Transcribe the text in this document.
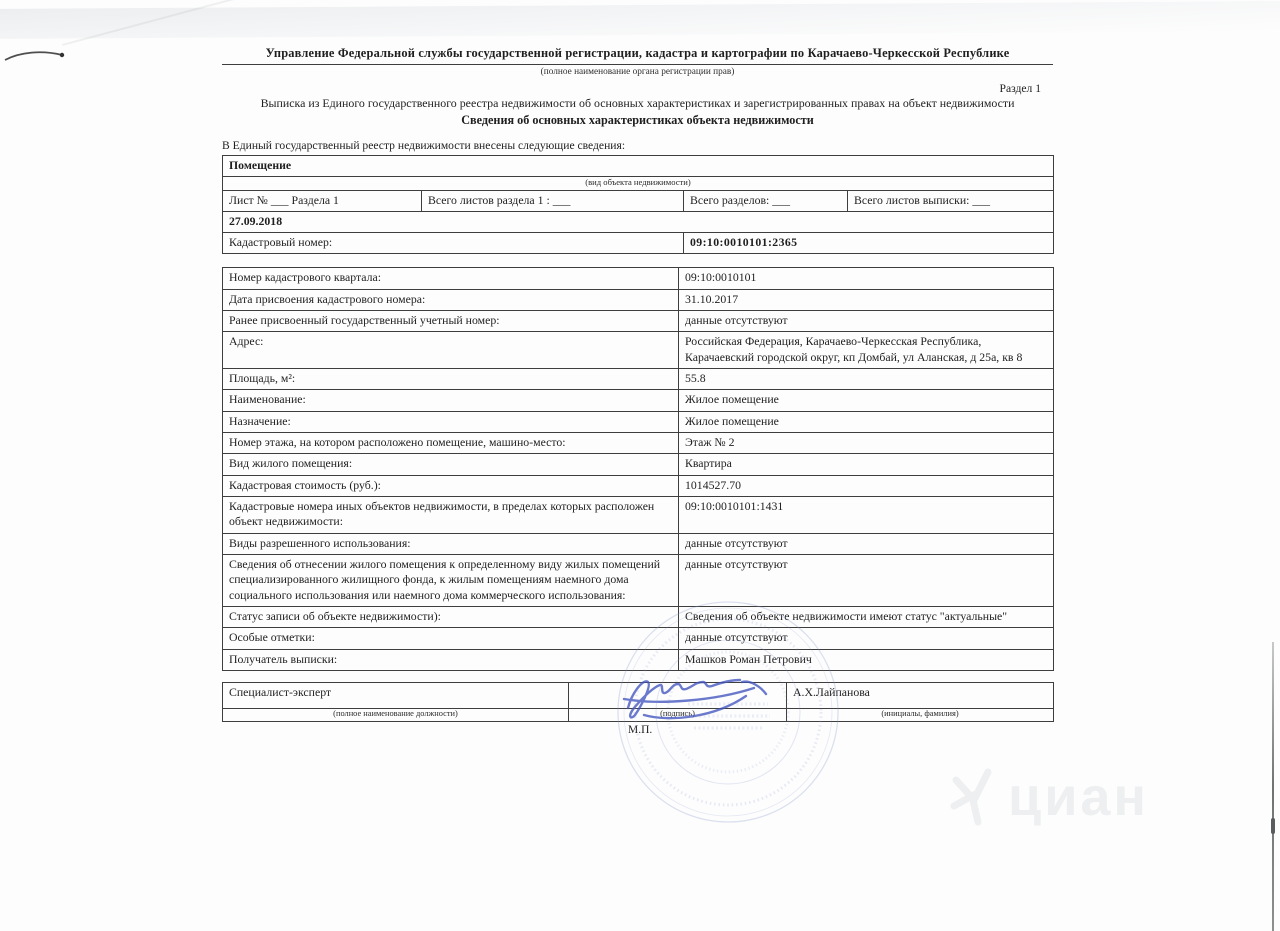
Управление Федеральной службы государственной регистрации, кадастра и картографии по Карачаево-Черкесской Республике
(полное наименование органа регистрации прав)
Раздел 1
Выписка из Единого государственного реестра недвижимости об основных характеристиках и зарегистрированных правах на объект недвижимости
Сведения об основных характеристиках объекта недвижимости
В Единый государственный реестр недвижимости внесены следующие сведения:
Помещение			
(вид объекта недвижимости)			
Лист № ___ Раздела 1	Всего листов раздела 1 : ___	Всего разделов: ___	Всего листов выписки: ___
27.09.2018			
Кадастровый номер:		09:10:0010101:2365	
Номер кадастрового квартала:	09:10:0010101
Дата присвоения кадастрового номера:	31.10.2017
Ранее присвоенный государственный учетный номер:	данные отсутствуют
Адрес:	Российская Федерация, Карачаево-Черкесская Республика, Карачаевский городской округ, кп Домбай, ул Аланская, д 25а, кв 8
Площадь, м²:	55.8
Наименование:	Жилое помещение
Назначение:	Жилое помещение
Номер этажа, на котором расположено помещение, машино-место:	Этаж № 2
Вид жилого помещения:	Квартира
Кадастровая стоимость (руб.):	1014527.70
Кадастровые номера иных объектов недвижимости, в пределах которых расположен объект недвижимости:	09:10:0010101:1431
Виды разрешенного использования:	данные отсутствуют
Сведения об отнесении жилого помещения к определенному виду жилых помещений специализированного жилищного фонда, к жилым помещениям наемного дома социального использования или наемного дома коммерческого использования:	данные отсутствуют
Статус записи об объекте недвижимости):	Сведения об объекте недвижимости имеют статус "актуальные"
Особые отметки:	данные отсутствуют
Получатель выписки:	Машков Роман Петрович
Специалист-эксперт		А.Х.Лайпанова
(полное наименование должности)	(подпись)	(инициалы, фамилия)
М.П.
циан
